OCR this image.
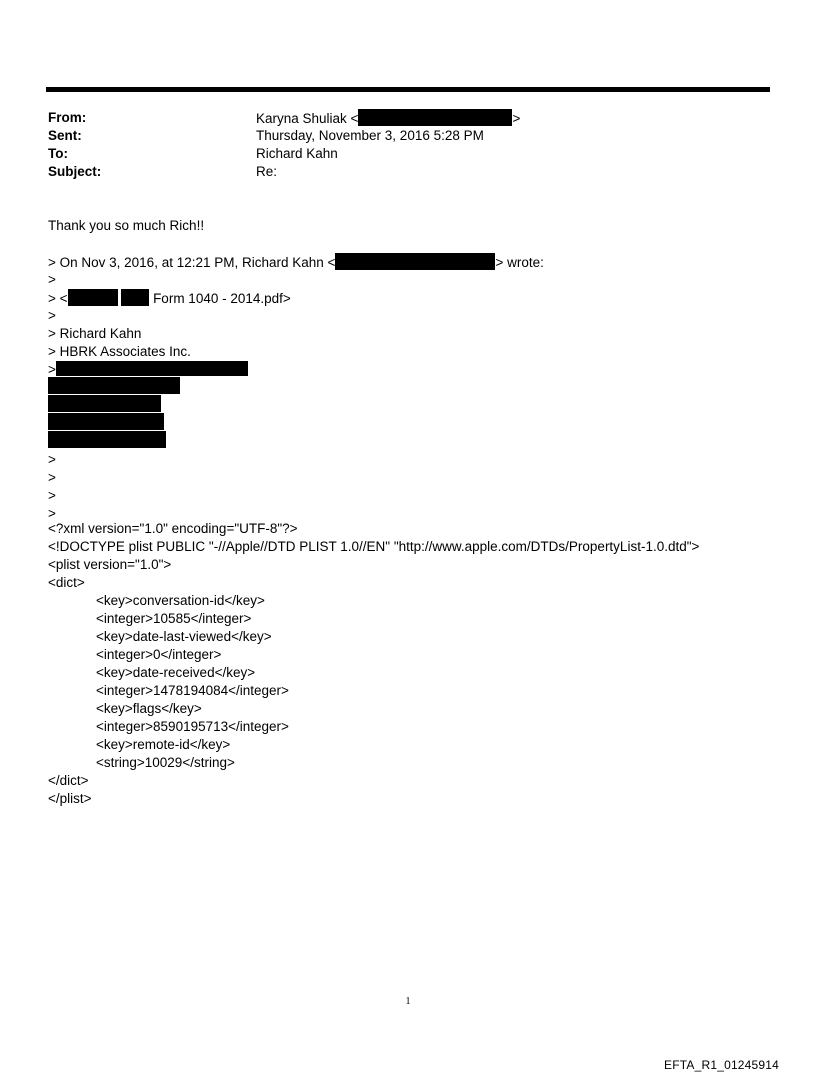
From:	Karyna Shuliak <	>
Sent:	Thursday, November 3, 2016 5:28 PM
To:	Richard Kahn
Subject:	Re:
Thank you so much Rich!!
> On Nov 3, 2016, at 12:21 PM, Richard Kahn <	> wrote:
>
> <	Form 1040 - 2014.pdf>
>
> Richard Kahn
> HBRK Associates Inc.
>
>
>
>
>
<?xml version="1.0" encoding="UTF-8"?>
<!DOCTYPE plist PUBLIC "-//Apple//DTD PLIST 1.0//EN" "http://www.apple.com/DTDs/PropertyList-1.0.dtd">
<plist version="1.0">
<dict>
<key>conversation-id</key>
<integer>10585</integer>
<key>date-last-viewed</key>
<integer>0</integer>
<key>date-received</key>
<integer>1478194084</integer>
<key>flags</key>
<integer>8590195713</integer>
<key>remote-id</key>
<string>10029</string>
</dict>
</plist>
1
EFTA_R1_01245914
